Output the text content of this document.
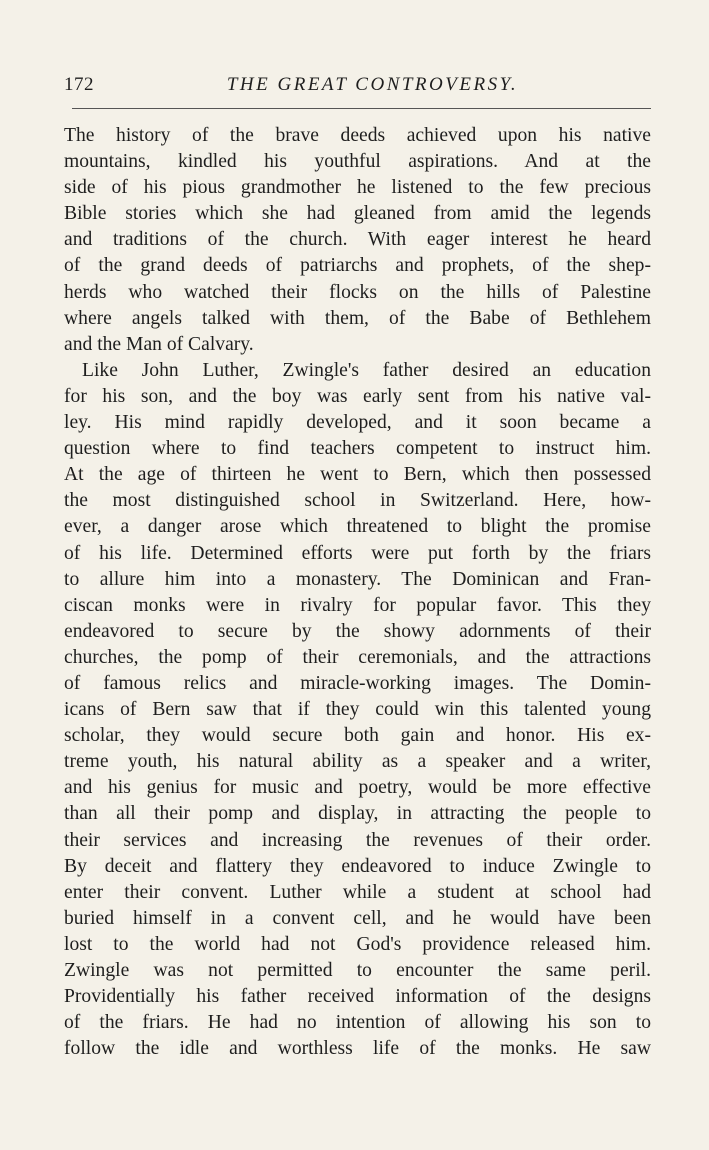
172	THE GREAT CONTROVERSY.
The history of the brave deeds achieved upon his native
mountains, kindled his youthful aspirations. And at the
side of his pious grandmother he listened to the few precious
Bible stories which she had gleaned from amid the legends
and traditions of the church. With eager interest he heard
of the grand deeds of patriarchs and prophets, of the shep-
herds who watched their flocks on the hills of Palestine
where angels talked with them, of the Babe of Bethlehem
and the Man of Calvary.
Like John Luther, Zwingle's father desired an education
for his son, and the boy was early sent from his native val-
ley. His mind rapidly developed, and it soon became a
question where to find teachers competent to instruct him.
At the age of thirteen he went to Bern, which then possessed
the most distinguished school in Switzerland. Here, how-
ever, a danger arose which threatened to blight the promise
of his life. Determined efforts were put forth by the friars
to allure him into a monastery. The Dominican and Fran-
ciscan monks were in rivalry for popular favor. This they
endeavored to secure by the showy adornments of their
churches, the pomp of their ceremonials, and the attractions
of famous relics and miracle-working images. The Domin-
icans of Bern saw that if they could win this talented young
scholar, they would secure both gain and honor. His ex-
treme youth, his natural ability as a speaker and a writer,
and his genius for music and poetry, would be more effective
than all their pomp and display, in attracting the people to
their services and increasing the revenues of their order.
By deceit and flattery they endeavored to induce Zwingle to
enter their convent. Luther while a student at school had
buried himself in a convent cell, and he would have been
lost to the world had not God's providence released him.
Zwingle was not permitted to encounter the same peril.
Providentially his father received information of the designs
of the friars. He had no intention of allowing his son to
follow the idle and worthless life of the monks. He saw
